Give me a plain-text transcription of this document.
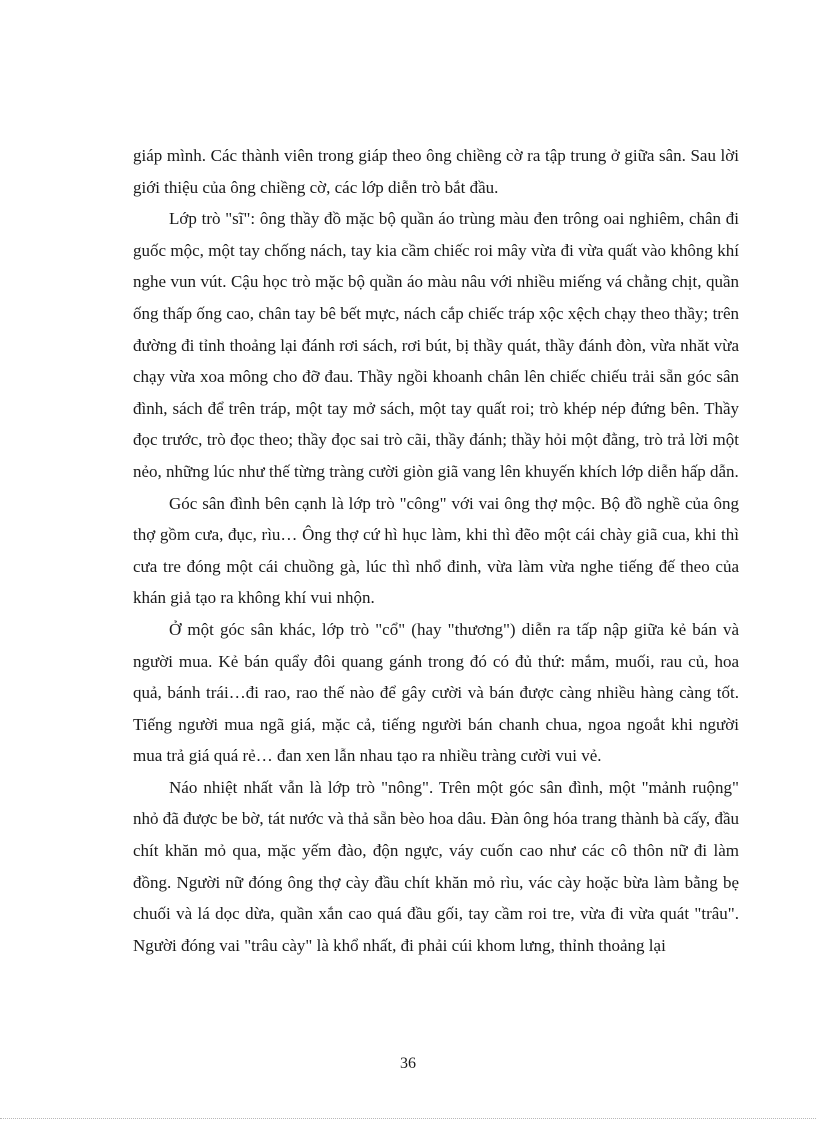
giáp mình. Các thành viên trong giáp theo ông chiềng cờ ra tập trung ở giữa sân. Sau lời giới thiệu của ông chiềng cờ, các lớp diễn trò bắt đầu.

Lớp trò "sĩ": ông thầy đồ mặc bộ quần áo trùng màu đen trông oai nghiêm, chân đi guốc mộc, một tay chống nách, tay kia cầm chiếc roi mây vừa đi vừa quất vào không khí nghe vun vút. Cậu học trò mặc bộ quần áo màu nâu với nhiều miếng vá chằng chịt, quần ống thấp ống cao, chân tay bê bết mực, nách cắp chiếc tráp xộc xệch chạy theo thầy; trên đường đi tỉnh thoảng lại đánh rơi sách, rơi bút, bị thầy quát, thầy đánh đòn, vừa nhăt vừa chạy vừa xoa mông cho đỡ đau. Thầy ngồi khoanh chân lên chiếc chiếu trải sẵn góc sân đình, sách để trên tráp, một tay mở sách, một tay quất roi; trò khép nép đứng bên. Thầy đọc trước, trò đọc theo; thầy đọc sai trò cãi, thầy đánh; thầy hỏi một đằng, trò trả lời một nẻo, những lúc như thế từng tràng cười giòn giã vang lên khuyến khích lớp diễn hấp dẫn.

Góc sân đình bên cạnh là lớp trò "công" với vai ông thợ mộc. Bộ đồ nghề của ông thợ gồm cưa, đục, rìu… Ông thợ cứ hì hục làm, khi thì đẽo một cái chày giã cua, khi thì cưa tre đóng một cái chuồng gà, lúc thì nhổ đinh, vừa làm vừa nghe tiếng đế theo của khán giả tạo ra không khí vui nhộn.

Ở một góc sân khác, lớp trò "cổ" (hay "thương") diễn ra tấp nập giữa kẻ bán và người mua. Kẻ bán quẩy đôi quang gánh trong đó có đủ thứ: mắm, muối, rau củ, hoa quả, bánh trái…đi rao, rao thế nào để gây cười và bán được càng nhiều hàng càng tốt. Tiếng người mua ngã giá, mặc cả, tiếng người bán chanh chua, ngoa ngoắt khi người mua trả giá quá rẻ… đan xen lẫn nhau tạo ra nhiều tràng cười vui vẻ.

Náo nhiệt nhất vẫn là lớp trò "nông". Trên một góc sân đình, một "mảnh ruộng" nhỏ đã được be bờ, tát nước và thả sẵn bèo hoa dâu. Đàn ông hóa trang thành bà cấy, đầu chít khăn mỏ qua, mặc yếm đào, độn ngực, váy cuốn cao như các cô thôn nữ đi làm đồng. Người nữ đóng ông thợ cày đầu chít khăn mỏ rìu, vác cày hoặc bừa làm bằng bẹ chuối và lá dọc dừa, quần xắn cao quá đầu gối, tay cầm roi tre, vừa đi vừa quát "trâu". Người đóng vai "trâu cày" là khổ nhất, đi phải cúi khom lưng, thỉnh thoảng lại

36
